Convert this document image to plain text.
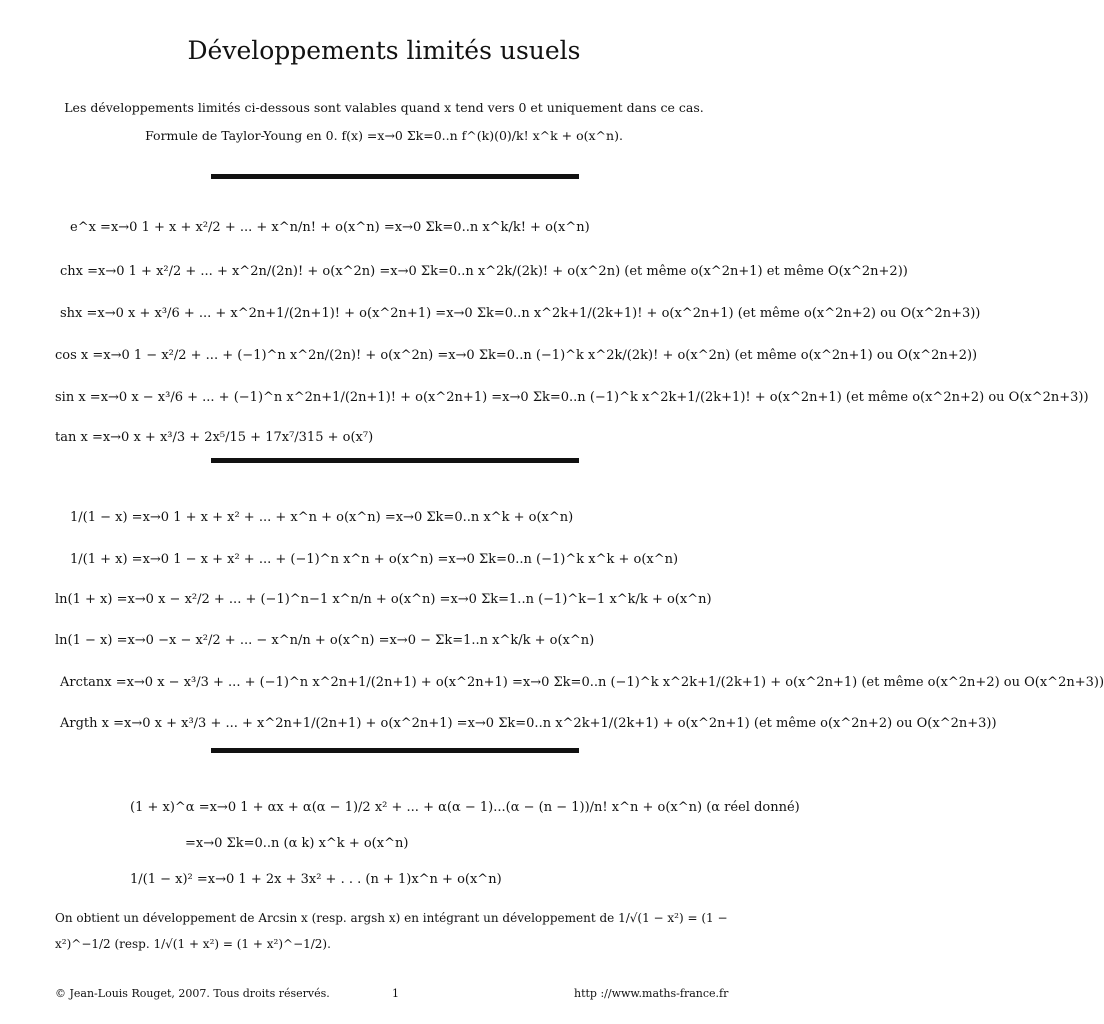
Développements limités usuels
Les développements limités ci-dessous sont valables quand x tend vers 0 et uniquement dans ce cas.
Formule de Taylor-Young en 0. f(x) =x→0 Σk=0..n f^(k)(0)/k! x^k + o(x^n).
e^x =x→0 1 + x + x²/2 + ... + x^n/n! + o(x^n) =x→0 Σk=0..n x^k/k! + o(x^n)
chx =x→0 1 + x²/2 + ... + x^2n/(2n)! + o(x^2n) =x→0 Σk=0..n x^2k/(2k)! + o(x^2n) (et même o(x^2n+1) et même O(x^2n+2))
shx =x→0 x + x³/6 + ... + x^2n+1/(2n+1)! + o(x^2n+1) =x→0 Σk=0..n x^2k+1/(2k+1)! + o(x^2n+1) (et même o(x^2n+2) ou O(x^2n+3))
cos x =x→0 1 − x²/2 + ... + (−1)^n x^2n/(2n)! + o(x^2n) =x→0 Σk=0..n (−1)^k x^2k/(2k)! + o(x^2n) (et même o(x^2n+1) ou O(x^2n+2))
sin x =x→0 x − x³/6 + ... + (−1)^n x^2n+1/(2n+1)! + o(x^2n+1) =x→0 Σk=0..n (−1)^k x^2k+1/(2k+1)! + o(x^2n+1) (et même o(x^2n+2) ou O(x^2n+3))
tan x =x→0 x + x³/3 + 2x⁵/15 + 17x⁷/315 + o(x⁷)
1/(1 − x) =x→0 1 + x + x² + ... + x^n + o(x^n) =x→0 Σk=0..n x^k + o(x^n)
1/(1 + x) =x→0 1 − x + x² + ... + (−1)^n x^n + o(x^n) =x→0 Σk=0..n (−1)^k x^k + o(x^n)
ln(1 + x) =x→0 x − x²/2 + ... + (−1)^n−1 x^n/n + o(x^n) =x→0 Σk=1..n (−1)^k−1 x^k/k + o(x^n)
ln(1 − x) =x→0 −x − x²/2 + ... − x^n/n + o(x^n) =x→0 − Σk=1..n x^k/k + o(x^n)
Arctanx =x→0 x − x³/3 + ... + (−1)^n x^2n+1/(2n+1) + o(x^2n+1) =x→0 Σk=0..n (−1)^k x^2k+1/(2k+1) + o(x^2n+1) (et même o(x^2n+2) ou O(x^2n+3))
Argth x =x→0 x + x³/3 + ... + x^2n+1/(2n+1) + o(x^2n+1) =x→0 Σk=0..n x^2k+1/(2k+1) + o(x^2n+1) (et même o(x^2n+2) ou O(x^2n+3))
(1 + x)^α =x→0 1 + αx + α(α − 1)/2 x² + ... + α(α − 1)...(α − (n − 1))/n! x^n + o(x^n) (α réel donné)
=x→0 Σk=0..n (α k) x^k + o(x^n)
1/(1 − x)² =x→0 1 + 2x + 3x² + . . . (n + 1)x^n + o(x^n)
On obtient un développement de Arcsin x (resp. argsh x) en intégrant un développement de 1/√(1 − x²) = (1 − x²)^−1/2 (resp. 1/√(1 + x²) = (1 + x²)^−1/2).
© Jean-Louis Rouget, 2007. Tous droits réservés.	1	http ://www.maths-france.fr
